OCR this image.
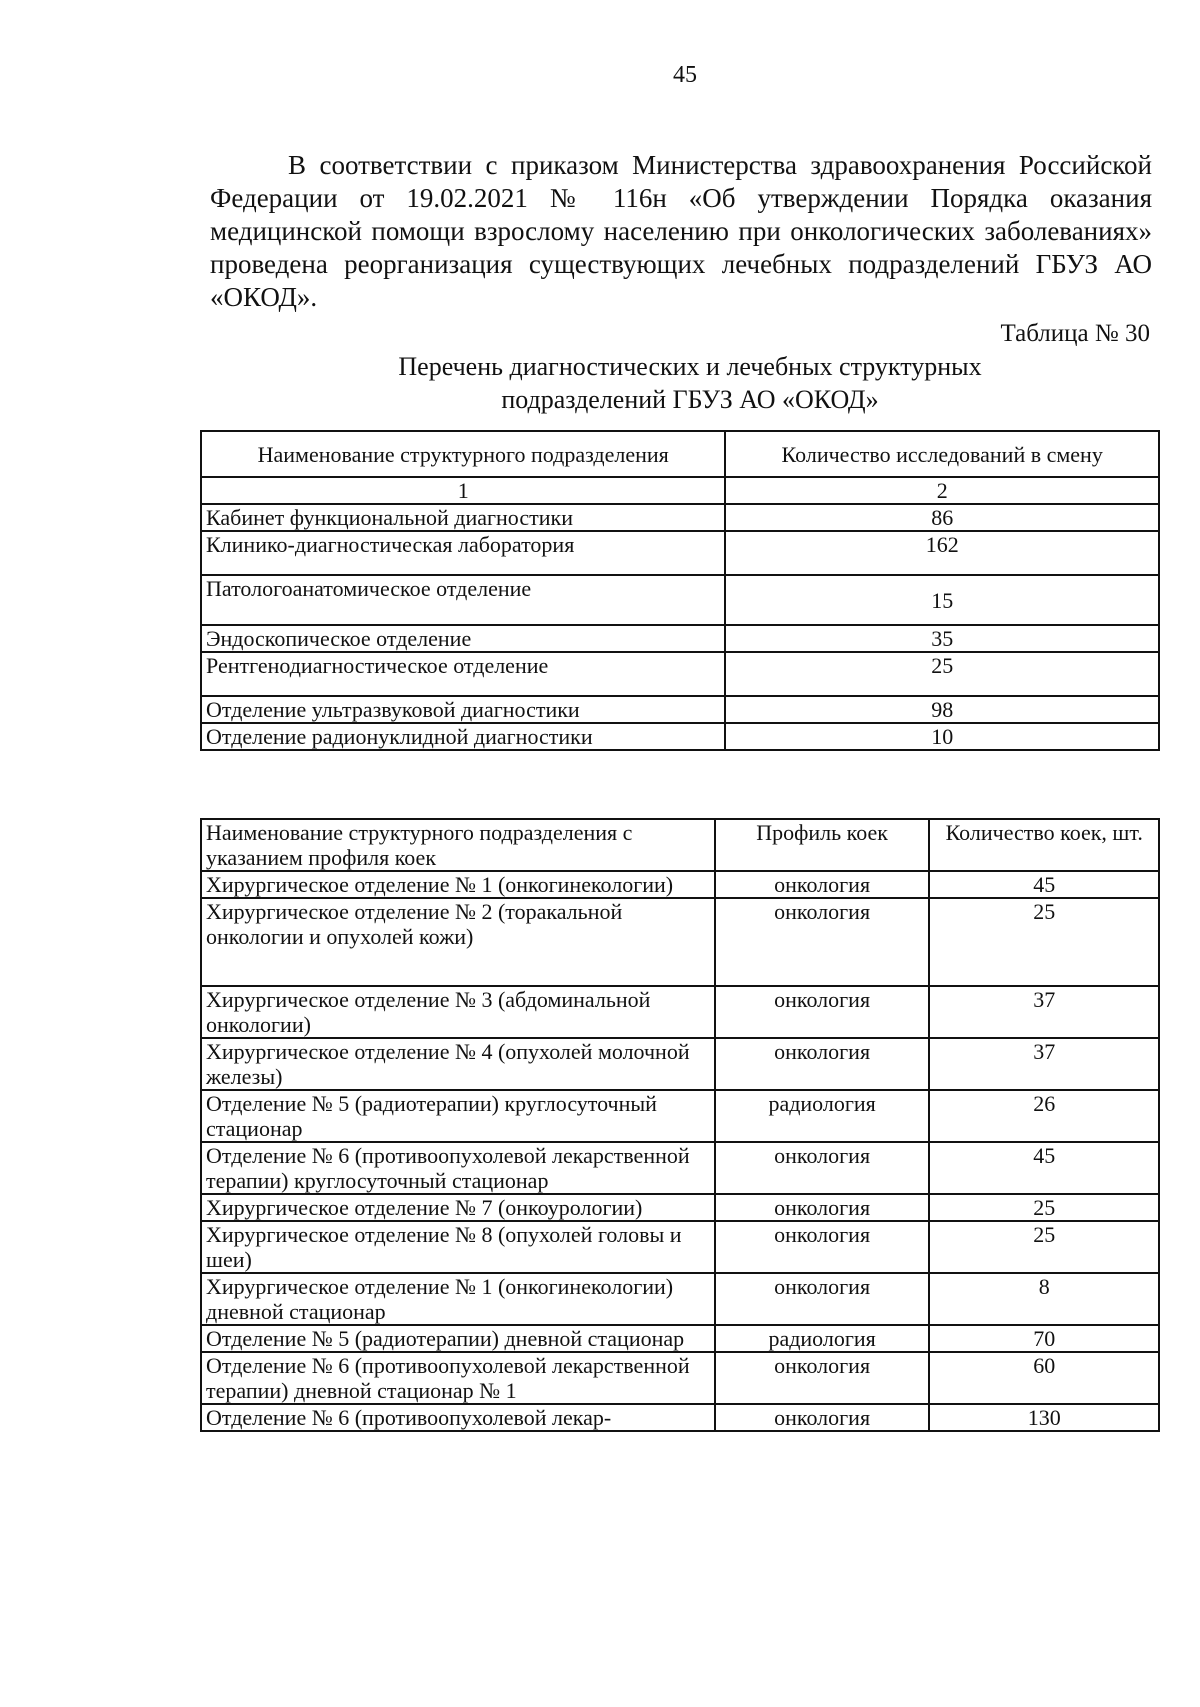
45

В соответствии с приказом Министерства здравоохранения Российской Федерации от 19.02.2021 № 116н «Об утверждении Порядка оказания медицинской помощи взрослому населению при онкологических заболеваниях» проведена реорганизация существующих лечебных подразделений ГБУЗ АО «ОКОД».

Таблица № 30
Перечень диагностических и лечебных структурных
подразделений ГБУЗ АО «ОКОД»
Наименование структурного подразделения	Количество исследований в смену
1	2
Кабинет функциональной диагностики	86
Клинико-диагностическая лаборатория	162
Патологоанатомическое отделение	15
Эндоскопическое отделение	35
Рентгенодиагностическое отделение	25
Отделение ультразвуковой диагностики	98
Отделение радионуклидной диагностики	10
Наименование структурного подразделения с указанием профиля коек	Профиль коек	Количество коек, шт.
Хирургическое отделение № 1 (онкогинекологии)	онкология	45
Хирургическое отделение № 2 (торакальной онкологии и опухолей кожи)	онкология	25
Хирургическое отделение № 3 (абдоминальной онкологии)	онкология	37
Хирургическое отделение № 4 (опухолей молочной железы)	онкология	37
Отделение № 5 (радиотерапии) круглосуточный стационар	радиология	26
Отделение № 6 (противоопухолевой лекарственной терапии) круглосуточный стационар	онкология	45
Хирургическое отделение № 7 (онкоурологии)	онкология	25
Хирургическое отделение № 8 (опухолей головы и шеи)	онкология	25
Хирургическое отделение № 1 (онкогинекологии) дневной стационар	онкология	8
Отделение № 5 (радиотерапии) дневной стационар	радиология	70
Отделение № 6 (противоопухолевой лекарственной терапии) дневной стационар № 1	онкология	60
Отделение № 6 (противоопухолевой лекар-	онкология	130
